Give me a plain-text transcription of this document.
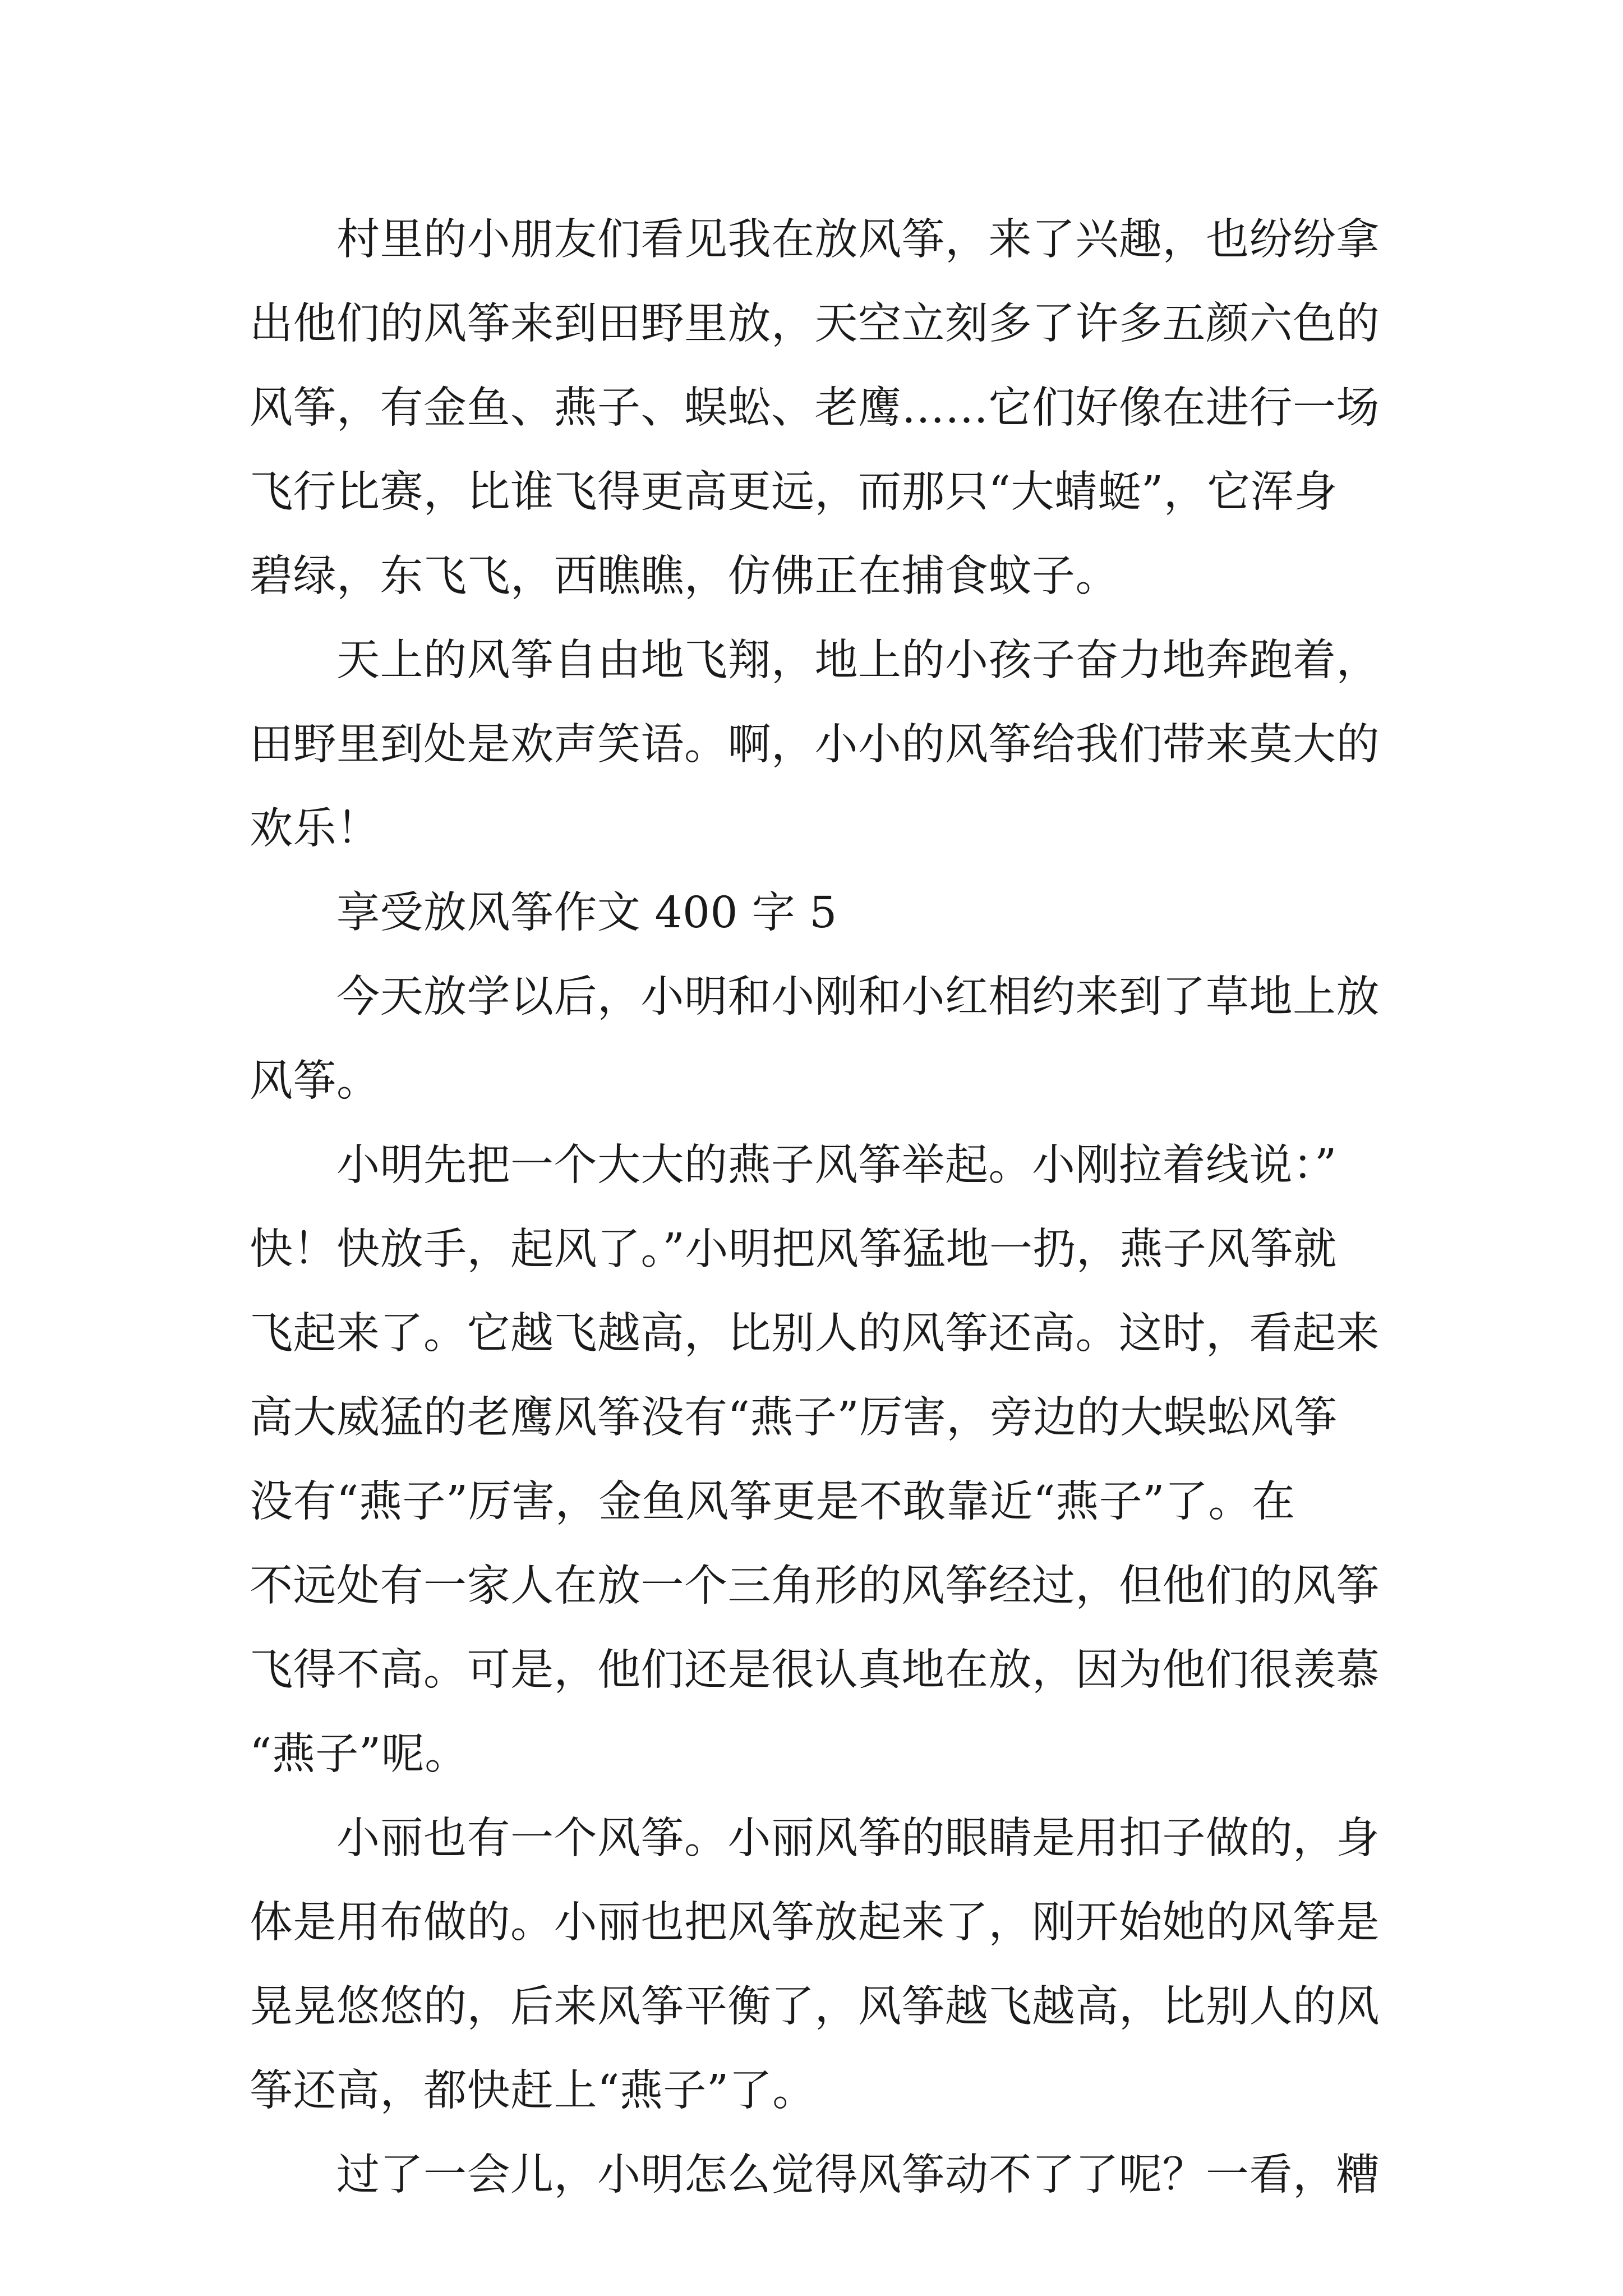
村里的小朋友们看见我在放风筝，来了兴趣，也纷纷拿
出他们的风筝来到田野里放，天空立刻多了许多五颜六色的
风筝，有金鱼、燕子、蜈蚣、老鹰……它们好像在进行一场
飞行比赛，比谁飞得更高更远，而那只“大蜻蜓”，它浑身
碧绿，东飞飞，西瞧瞧，仿佛正在捕食蚊子。
天上的风筝自由地飞翔，地上的小孩子奋力地奔跑着，
田野里到处是欢声笑语。啊，小小的风筝给我们带来莫大的
欢乐！
享受放风筝作文 400 字 5
今天放学以后，小明和小刚和小红相约来到了草地上放
风筝。
小明先把一个大大的燕子风筝举起。小刚拉着线说：”
快！快放手，起风了。”小明把风筝猛地一扔，燕子风筝就
飞起来了。它越飞越高，比别人的风筝还高。这时，看起来
高大威猛的老鹰风筝没有“燕子”厉害，旁边的大蜈蚣风筝
没有“燕子”厉害，金鱼风筝更是不敢靠近“燕子”了。在
不远处有一家人在放一个三角形的风筝经过，但他们的风筝
飞得不高。可是，他们还是很认真地在放，因为他们很羡慕
“燕子”呢。
小丽也有一个风筝。小丽风筝的眼睛是用扣子做的，身
体是用布做的。小丽也把风筝放起来了，刚开始她的风筝是
晃晃悠悠的，后来风筝平衡了，风筝越飞越高，比别人的风
筝还高，都快赶上“燕子”了。
过了一会儿，小明怎么觉得风筝动不了了呢？一看，糟
